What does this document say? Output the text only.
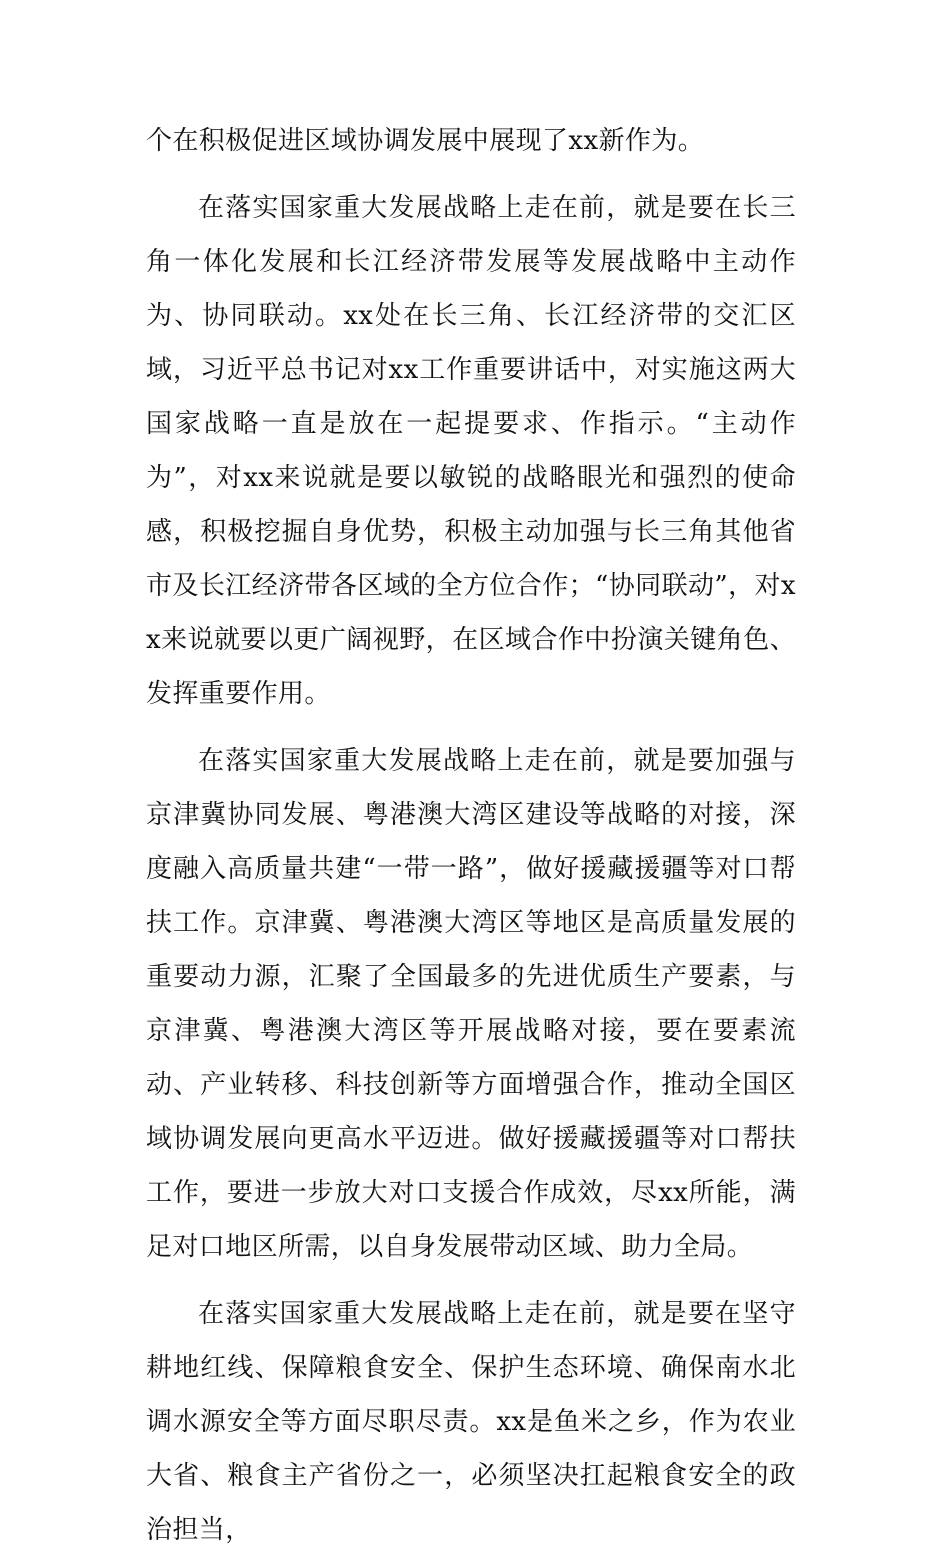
个在积极促进区域协调发展中展现了xx新作为。

在落实国家重大发展战略上走在前，就是要在长三角一体化发展和长江经济带发展等发展战略中主动作为、协同联动。xx处在长三角、长江经济带的交汇区域，习近平总书记对xx工作重要讲话中，对实施这两大国家战略一直是放在一起提要求、作指示。“主动作为”，对xx来说就是要以敏锐的战略眼光和强烈的使命感，积极挖掘自身优势，积极主动加强与长三角其他省市及长江经济带各区域的全方位合作；“协同联动”，对xx来说就要以更广阔视野，在区域合作中扮演关键角色、发挥重要作用。

在落实国家重大发展战略上走在前，就是要加强与京津冀协同发展、粤港澳大湾区建设等战略的对接，深度融入高质量共建“一带一路”，做好援藏援疆等对口帮扶工作。京津冀、粤港澳大湾区等地区是高质量发展的重要动力源，汇聚了全国最多的先进优质生产要素，与京津冀、粤港澳大湾区等开展战略对接，要在要素流动、产业转移、科技创新等方面增强合作，推动全国区域协调发展向更高水平迈进。做好援藏援疆等对口帮扶工作，要进一步放大对口支援合作成效，尽xx所能，满足对口地区所需，以自身发展带动区域、助力全局。

在落实国家重大发展战略上走在前，就是要在坚守耕地红线、保障粮食安全、保护生态环境、确保南水北调水源安全等方面尽职尽责。xx是鱼米之乡，作为农业大省、粮食主产省份之一，必须坚决扛起粮食安全的政治担当，
